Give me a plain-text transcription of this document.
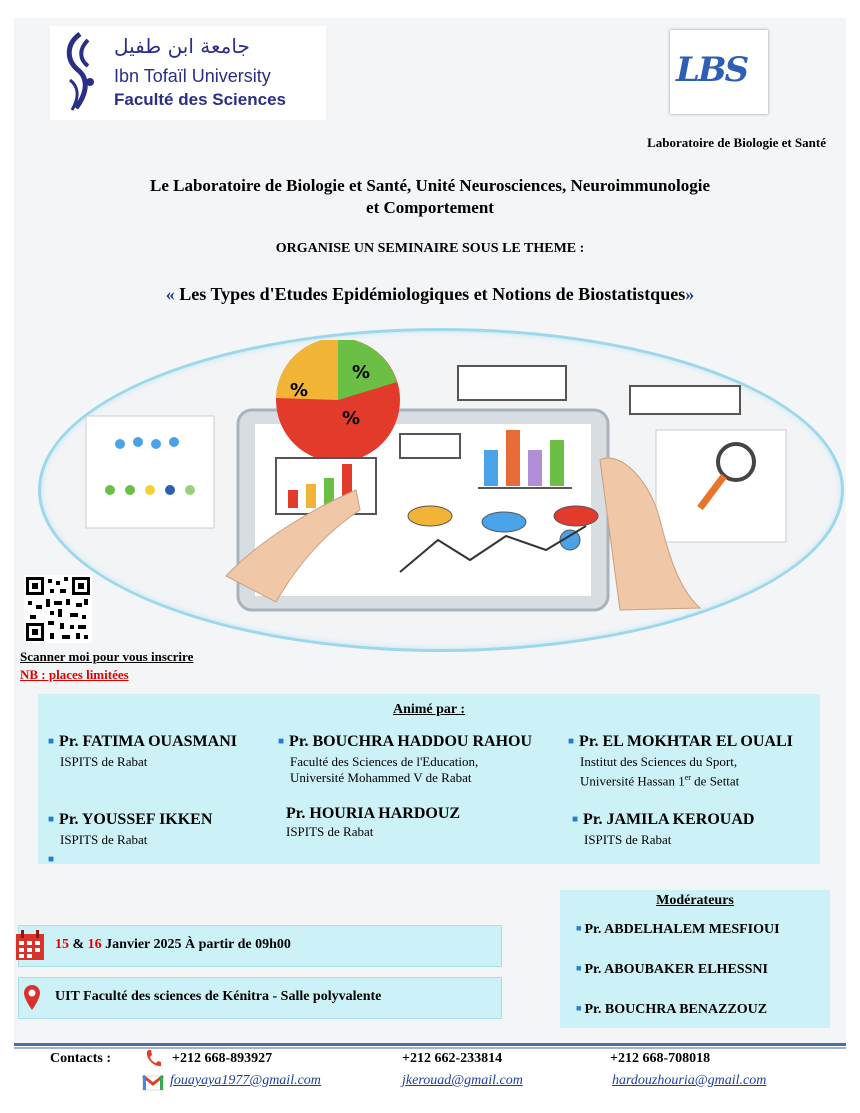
جامعة ابن طفيل
Ibn Tofaïl University
Faculté des Sciences
LBS
Laboratoire de Biologie et Santé
Le Laboratoire de Biologie et Santé, Unité Neurosciences, Neuroimmunologie
et Comportement
ORGANISE UN SEMINAIRE SOUS LE THEME :
« Les Types d'Etudes Epidémiologiques et Notions de Biostatistques»
%
%
%
Scanner moi pour vous inscrire
NB : places limitées
Animé par :
■ Pr. FATIMA OUASMANI
ISPITS de Rabat
■ Pr. BOUCHRA HADDOU RAHOU
Faculté des Sciences de l'Education,
Université Mohammed V de Rabat
■ Pr. EL MOKHTAR EL OUALI
Institut des Sciences du Sport,
Université Hassan 1er de Settat
■ Pr. YOUSSEF IKKEN
ISPITS de Rabat
Pr. HOURIA HARDOUZ
ISPITS de Rabat
■ Pr. JAMILA KEROUAD
ISPITS de Rabat
■
Modérateurs
■ Pr. ABDELHALEM MESFIOUI
■ Pr. ABOUBAKER ELHESSNI
■ Pr. BOUCHRA BENAZZOUZ
15 & 16 Janvier 2025 À partir de 09h00
UIT Faculté des sciences de Kénitra - Salle polyvalente
Contacts :	+212 668-893927	+212 662-233814	+212 668-708018
fouayaya1977@gmail.com	jkerouad@gmail.com	hardouzhouria@gmail.com
